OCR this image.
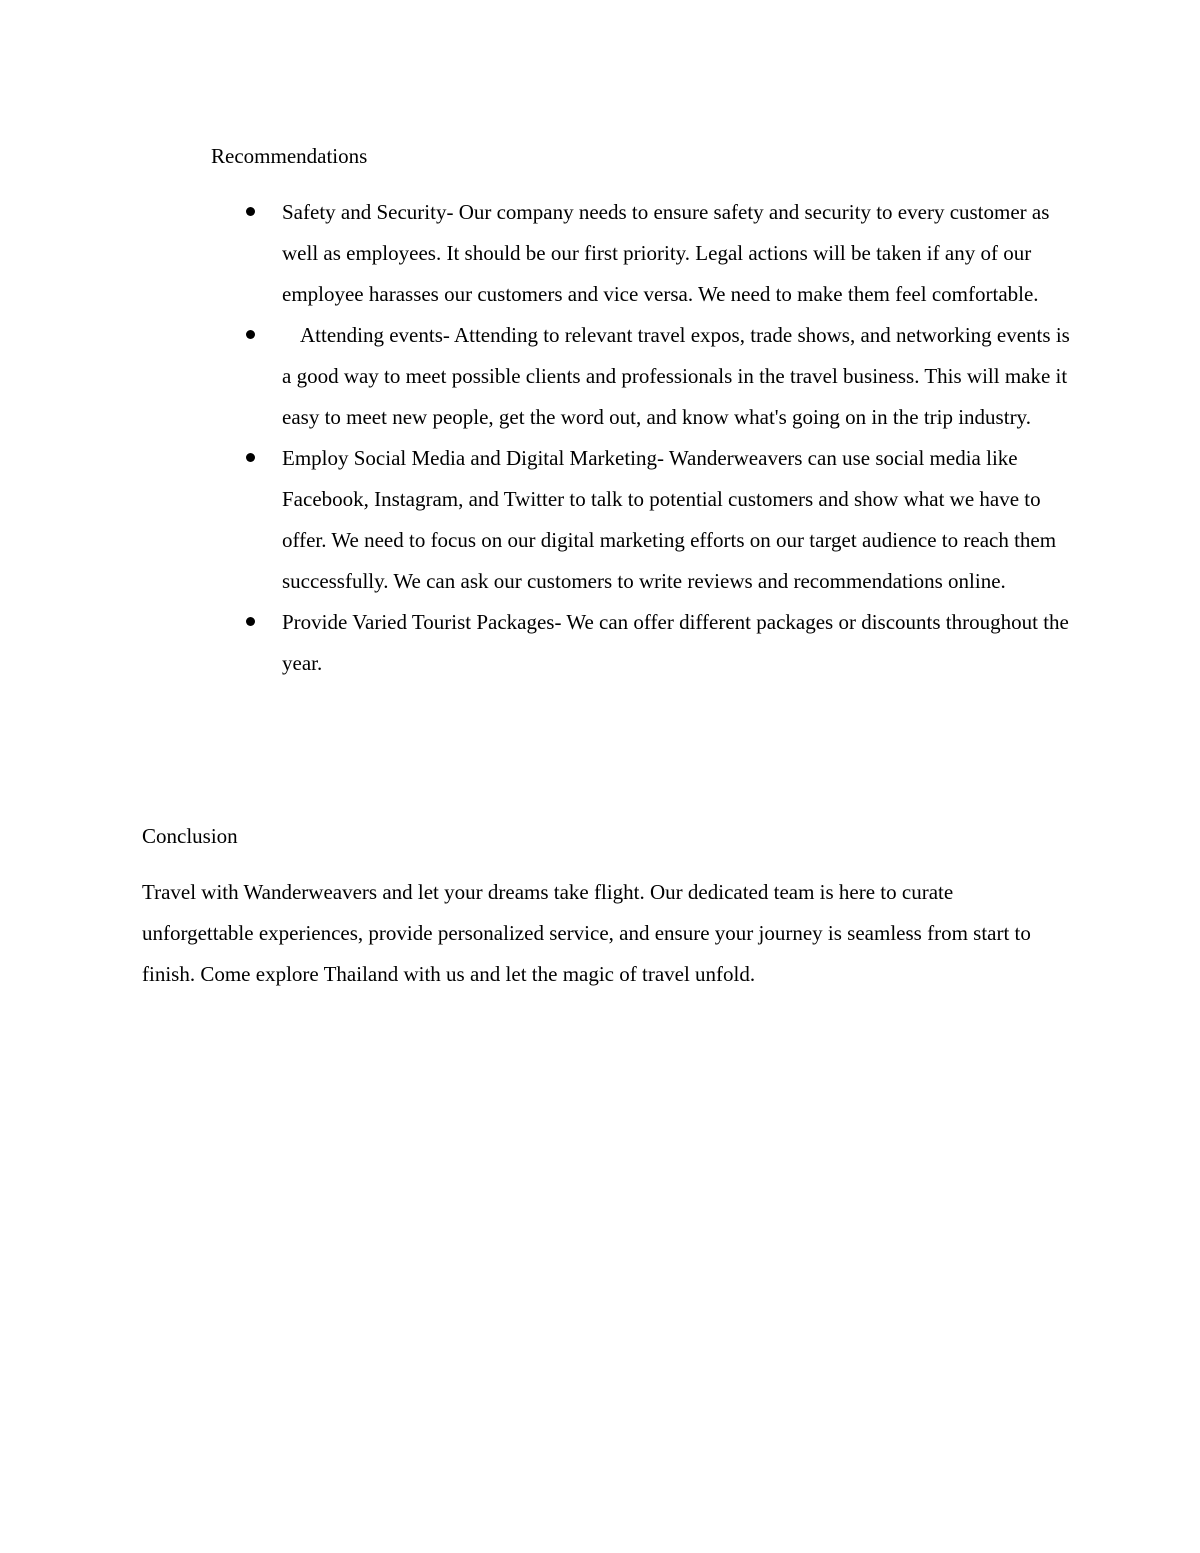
Recommendations
Safety and Security- Our company needs to ensure safety and security to every customer as well as employees. It should be our first priority. Legal actions will be taken if any of our employee harasses our customers and vice versa. We need to make them feel comfortable.
Attending events- Attending to relevant travel expos, trade shows, and networking events is a good way to meet possible clients and professionals in the travel business. This will make it easy to meet new people, get the word out, and know what's going on in the trip industry.
Employ Social Media and Digital Marketing- Wanderweavers can use social media like Facebook, Instagram, and Twitter to talk to potential customers and show what we have to offer. We need to focus on our digital marketing efforts on our target audience to reach them successfully. We can ask our customers to write reviews and recommendations online.
Provide Varied Tourist Packages- We can offer different packages or discounts throughout the year.
Conclusion

Travel with Wanderweavers and let your dreams take flight. Our dedicated team is here to curate unforgettable experiences, provide personalized service, and ensure your journey is seamless from start to finish. Come explore Thailand with us and let the magic of travel unfold.
